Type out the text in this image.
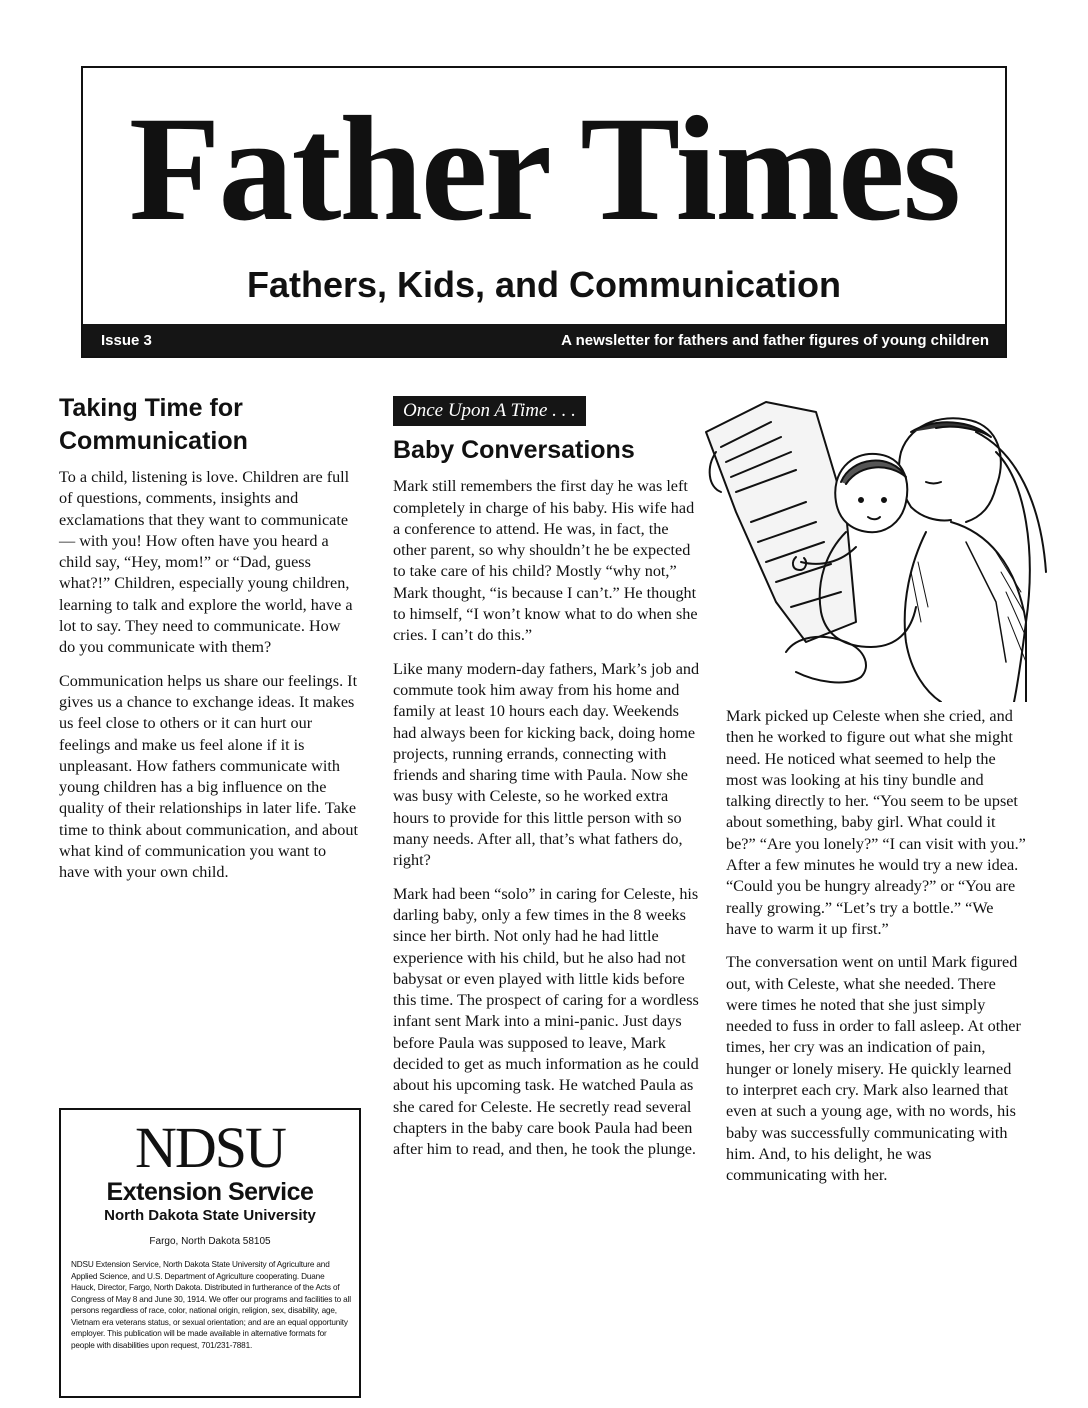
Father Times
Fathers, Kids, and Communication
Issue 3	A newsletter for fathers and father figures of young children
Taking Time for
Communication

To a child, listening is love. Children are full of questions, comments, insights and exclamations that they want to communicate — with you! How often have you heard a child say, “Hey, mom!” or “Dad, guess what?!” Children, especially young children, learning to talk and explore the world, have a lot to say. They need to communicate. How do you communicate with them?

Communication helps us share our feelings. It gives us a chance to exchange ideas. It makes us feel close to others or it can hurt our feelings and make us feel alone if it is unpleasant. How fathers communicate with young children has a big influence on the quality of their relationships in later life. Take time to think about communication, and about what kind of communication you want to have with your own child.

Once Upon A Time . . .
Baby Conversations

Mark still remembers the first day he was left completely in charge of his baby. His wife had a conference to attend. He was, in fact, the other parent, so why shouldn’t he be expected to take care of his child? Mostly “why not,” Mark thought, “is because I can’t.” He thought to himself, “I won’t know what to do when she cries. I can’t do this.”

Like many modern-day fathers, Mark’s job and commute took him away from his home and family at least 10 hours each day. Weekends had always been for kicking back, doing home projects, running errands, connecting with friends and sharing time with Paula. Now she was busy with Celeste, so he worked extra hours to provide for this little person with so many needs. After all, that’s what fathers do, right?

Mark had been “solo” in caring for Celeste, his darling baby, only a few times in the 8 weeks since her birth. Not only had he had little experience with his child, but he also had not babysat or even played with little kids before this time. The prospect of caring for a wordless infant sent Mark into a mini-panic. Just days before Paula was supposed to leave, Mark decided to get as much information as he could about his upcoming task. He watched Paula as she cared for Celeste. He secretly read several chapters in the baby care book Paula had been after him to read, and then, he took the plunge.

Mark picked up Celeste when she cried, and then he worked to figure out what she might need. He noticed what seemed to help the most was looking at his tiny bundle and talking directly to her. “You seem to be upset about something, baby girl. What could it be?” “Are you lonely?” “I can visit with you.” After a few minutes he would try a new idea. “Could you be hungry already?” or “You are really growing.” “Let’s try a bottle.” “We have to warm it up first.”

The conversation went on until Mark figured out, with Celeste, what she needed. There were times he noted that she just simply needed to fuss in order to fall asleep. At other times, her cry was an indication of pain, hunger or lonely misery. He quickly learned to interpret each cry. Mark also learned that even at such a young age, with no words, his baby was successfully communicating with him. And, to his delight, he was communicating with her.

NDSU
Extension Service
North Dakota State University
Fargo, North Dakota 58105
NDSU Extension Service, North Dakota State University of Agriculture and Applied Science, and U.S. Department of Agriculture cooperating. Duane Hauck, Director, Fargo, North Dakota. Distributed in furtherance of the Acts of Congress of May 8 and June 30, 1914. We offer our programs and facilities to all persons regardless of race, color, national origin, religion, sex, disability, age, Vietnam era veterans status, or sexual orientation; and are an equal opportunity employer. This publication will be made available in alternative formats for people with disabilities upon request, 701/231-7881.
